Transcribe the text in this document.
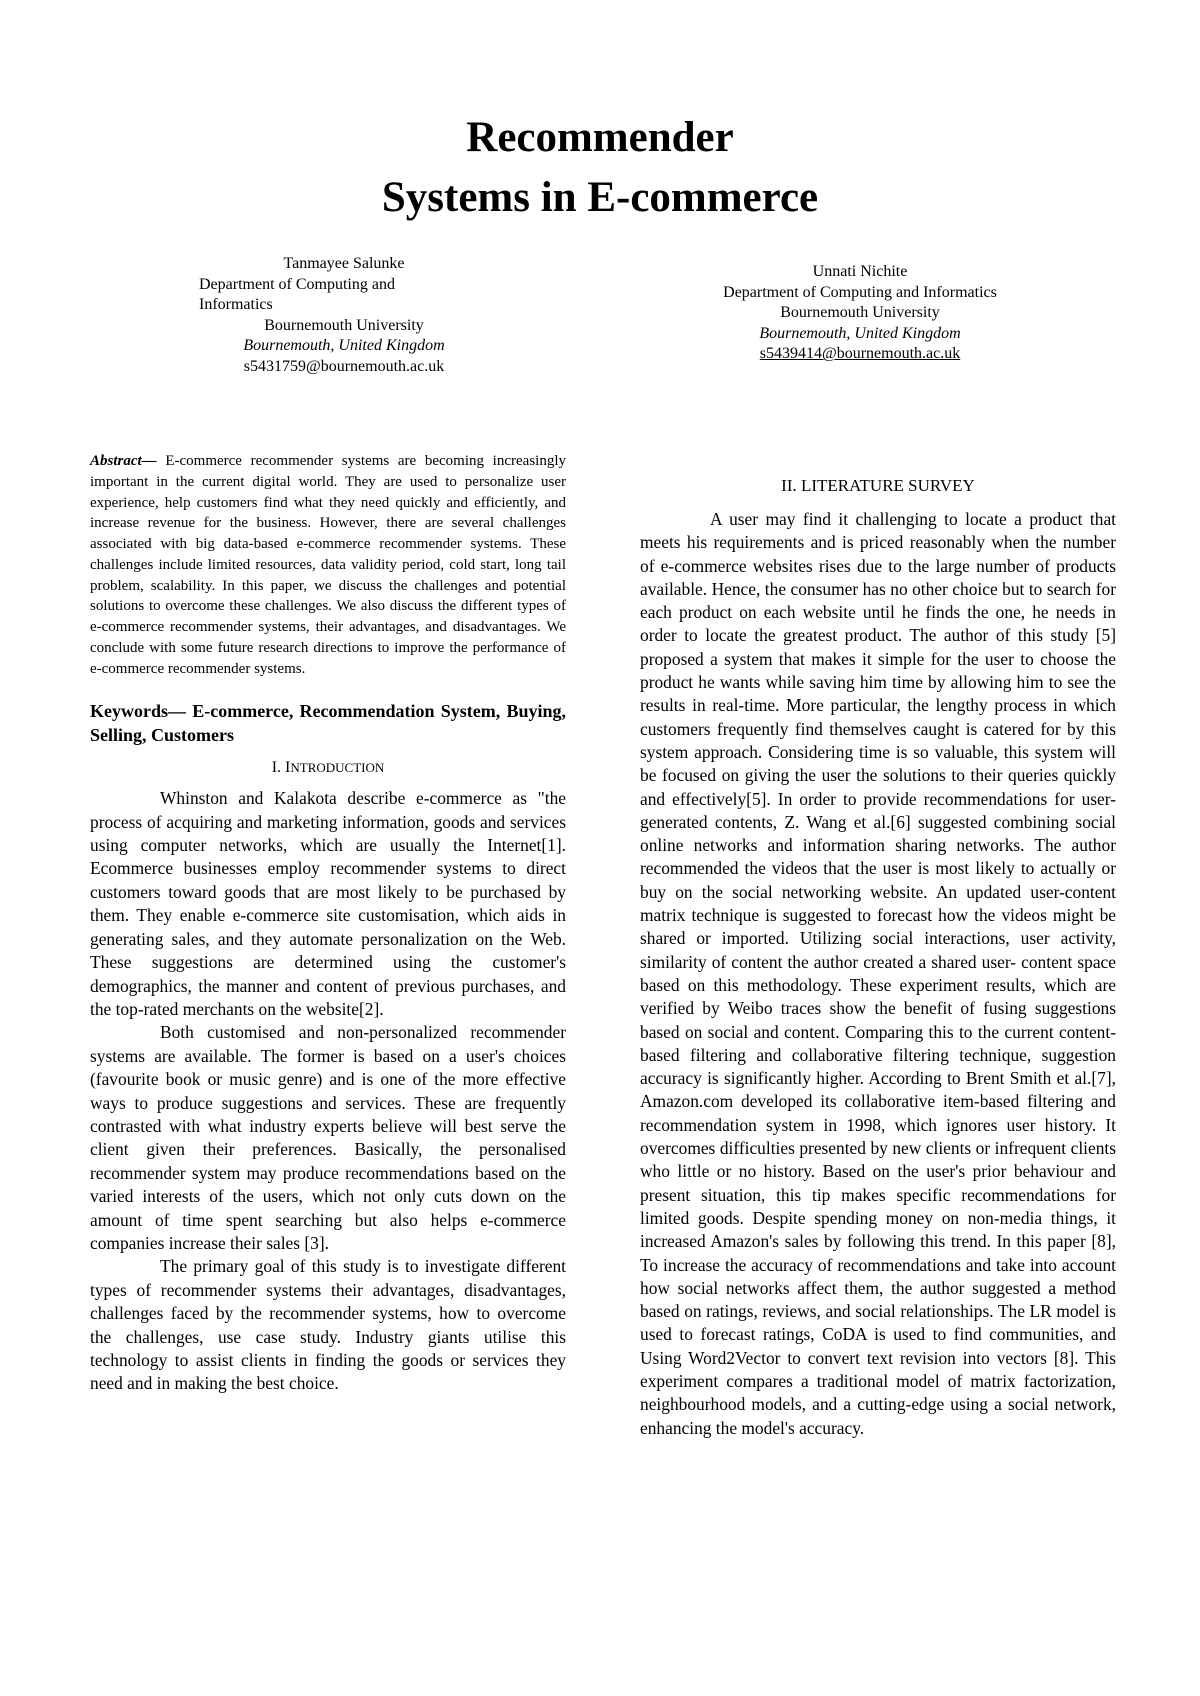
Recommender
Systems in E-commerce
Tanmayee Salunke
Department of Computing and
Informatics
Bournemouth University
Bournemouth, United Kingdom
s5431759@bournemouth.ac.uk
Unnati Nichite
Department of Computing and Informatics
Bournemouth University
Bournemouth, United Kingdom
s5439414@bournemouth.ac.uk

Abstract— E-commerce recommender systems are becoming increasingly important in the current digital world. They are used to personalize user experience, help customers find what they need quickly and efficiently, and increase revenue for the business. However, there are several challenges associated with big data-based e-commerce recommender systems. These challenges include limited resources, data validity period, cold start, long tail problem, scalability. In this paper, we discuss the challenges and potential solutions to overcome these challenges. We also discuss the different types of e-commerce recommender systems, their advantages, and disadvantages. We conclude with some future research directions to improve the performance of e-commerce recommender systems.

Keywords— E-commerce, Recommendation System, Buying, Selling, Customers

I. INTRODUCTION

Whinston and Kalakota describe e-commerce as "the process of acquiring and marketing information, goods and services using computer networks, which are usually the Internet[1]. Ecommerce businesses employ recommender systems to direct customers toward goods that are most likely to be purchased by them. They enable e-commerce site customisation, which aids in generating sales, and they automate personalization on the Web. These suggestions are determined using the customer's demographics, the manner and content of previous purchases, and the top-rated merchants on the website[2].

Both customised and non-personalized recommender systems are available. The former is based on a user's choices (favourite book or music genre) and is one of the more effective ways to produce suggestions and services. These are frequently contrasted with what industry experts believe will best serve the client given their preferences. Basically, the personalised recommender system may produce recommendations based on the varied interests of the users, which not only cuts down on the amount of time spent searching but also helps e-commerce companies increase their sales [3].

The primary goal of this study is to investigate different types of recommender systems their advantages, disadvantages, challenges faced by the recommender systems, how to overcome the challenges, use case study. Industry giants utilise this technology to assist clients in finding the goods or services they need and in making the best choice.

II. LITERATURE SURVEY

A user may find it challenging to locate a product that meets his requirements and is priced reasonably when the number of e-commerce websites rises due to the large number of products available. Hence, the consumer has no other choice but to search for each product on each website until he finds the one, he needs in order to locate the greatest product. The author of this study [5] proposed a system that makes it simple for the user to choose the product he wants while saving him time by allowing him to see the results in real-time. More particular, the lengthy process in which customers frequently find themselves caught is catered for by this system approach. Considering time is so valuable, this system will be focused on giving the user the solutions to their queries quickly and effectively[5]. In order to provide recommendations for user-generated contents, Z. Wang et al.[6] suggested combining social online networks and information sharing networks. The author recommended the videos that the user is most likely to actually or buy on the social networking website. An updated user-content matrix technique is suggested to forecast how the videos might be shared or imported. Utilizing social interactions, user activity, similarity of content the author created a shared user- content space based on this methodology. These experiment results, which are verified by Weibo traces show the benefit of fusing suggestions based on social and content. Comparing this to the current content-based filtering and collaborative filtering technique, suggestion accuracy is significantly higher. According to Brent Smith et al.[7], Amazon.com developed its collaborative item-based filtering and recommendation system in 1998, which ignores user history. It overcomes difficulties presented by new clients or infrequent clients who little or no history. Based on the user's prior behaviour and present situation, this tip makes specific recommendations for limited goods. Despite spending money on non-media things, it increased Amazon's sales by following this trend. In this paper [8], To increase the accuracy of recommendations and take into account how social networks affect them, the author suggested a method based on ratings, reviews, and social relationships. The LR model is used to forecast ratings, CoDA is used to find communities, and Using Word2Vector to convert text revision into vectors [8]. This experiment compares a traditional model of matrix factorization, neighbourhood models, and a cutting-edge using a social network, enhancing the model's accuracy.
